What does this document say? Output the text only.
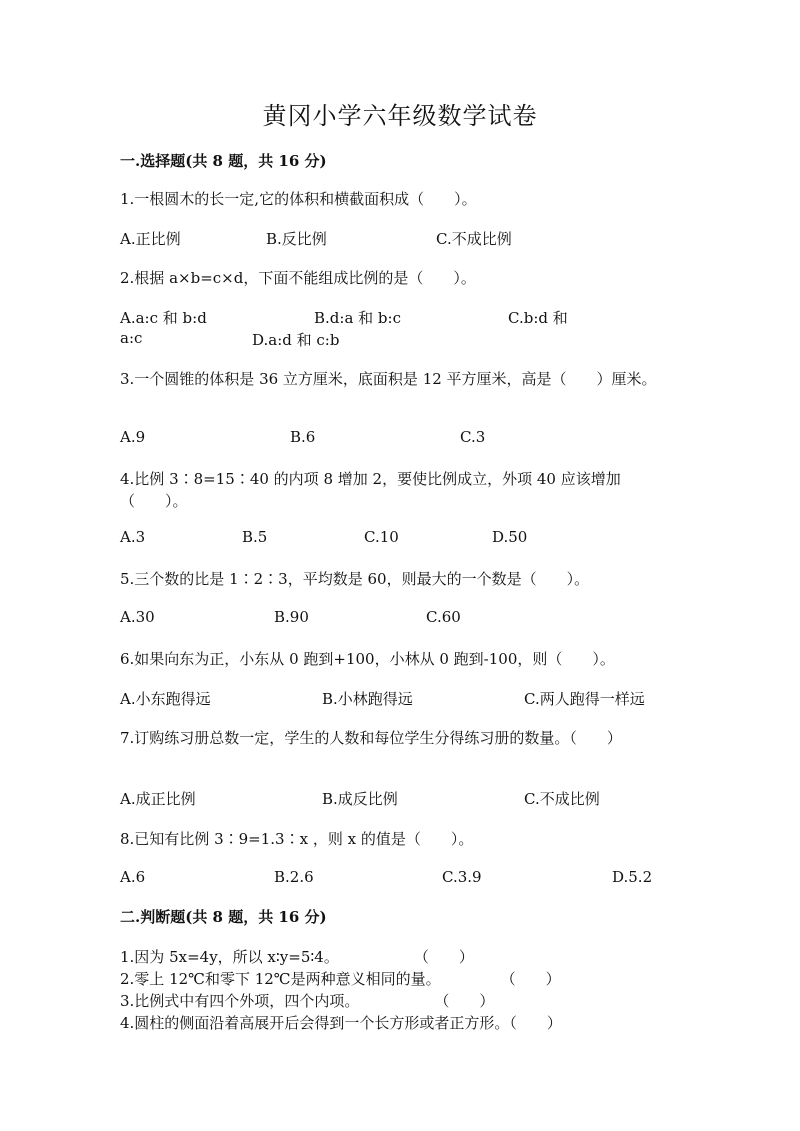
黄冈小学六年级数学试卷
一.选择题(共 8 题，共 16 分)
1.一根圆木的长一定,它的体积和横截面积成（　　）。
A.正比例	B.反比例	C.不成比例
2.根据 a×b=c×d，下面不能组成比例的是（　　）。
A.a:c 和 b:d	B.d:a 和 b:c	C.b:d 和
a:c	D.a:d 和 c:b
3.一个圆锥的体积是 36 立方厘米，底面积是 12 平方厘米，高是（　　）厘米。
A.9	B.6	C.3
4.比例 3∶8=15∶40 的内项 8 增加 2，要使比例成立，外项 40 应该增加（　　）。
A.3	B.5	C.10	D.50
5.三个数的比是 1∶2∶3，平均数是 60，则最大的一个数是（　　）。
A.30	B.90	C.60
6.如果向东为正，小东从 0 跑到+100，小林从 0 跑到-100，则（　　）。
A.小东跑得远	B.小林跑得远	C.两人跑得一样远
7.订购练习册总数一定，学生的人数和每位学生分得练习册的数量。（　　）
A.成正比例	B.成反比例	C.不成比例
8.已知有比例 3∶9=1.3∶x ，则 x 的值是（　　）。
A.6	B.2.6	C.3.9	D.5.2
二.判断题(共 8 题，共 16 分)
1.因为 5x=4y，所以 x∶y=5∶4。　　　　　　（　　）
2.零上 12℃和零下 12℃是两种意义相同的量。　　　　　（　　）
3.比例式中有四个外项，四个内项。　　　　　　（　　）
4.圆柱的侧面沿着高展开后会得到一个长方形或者正方形。（　　）
